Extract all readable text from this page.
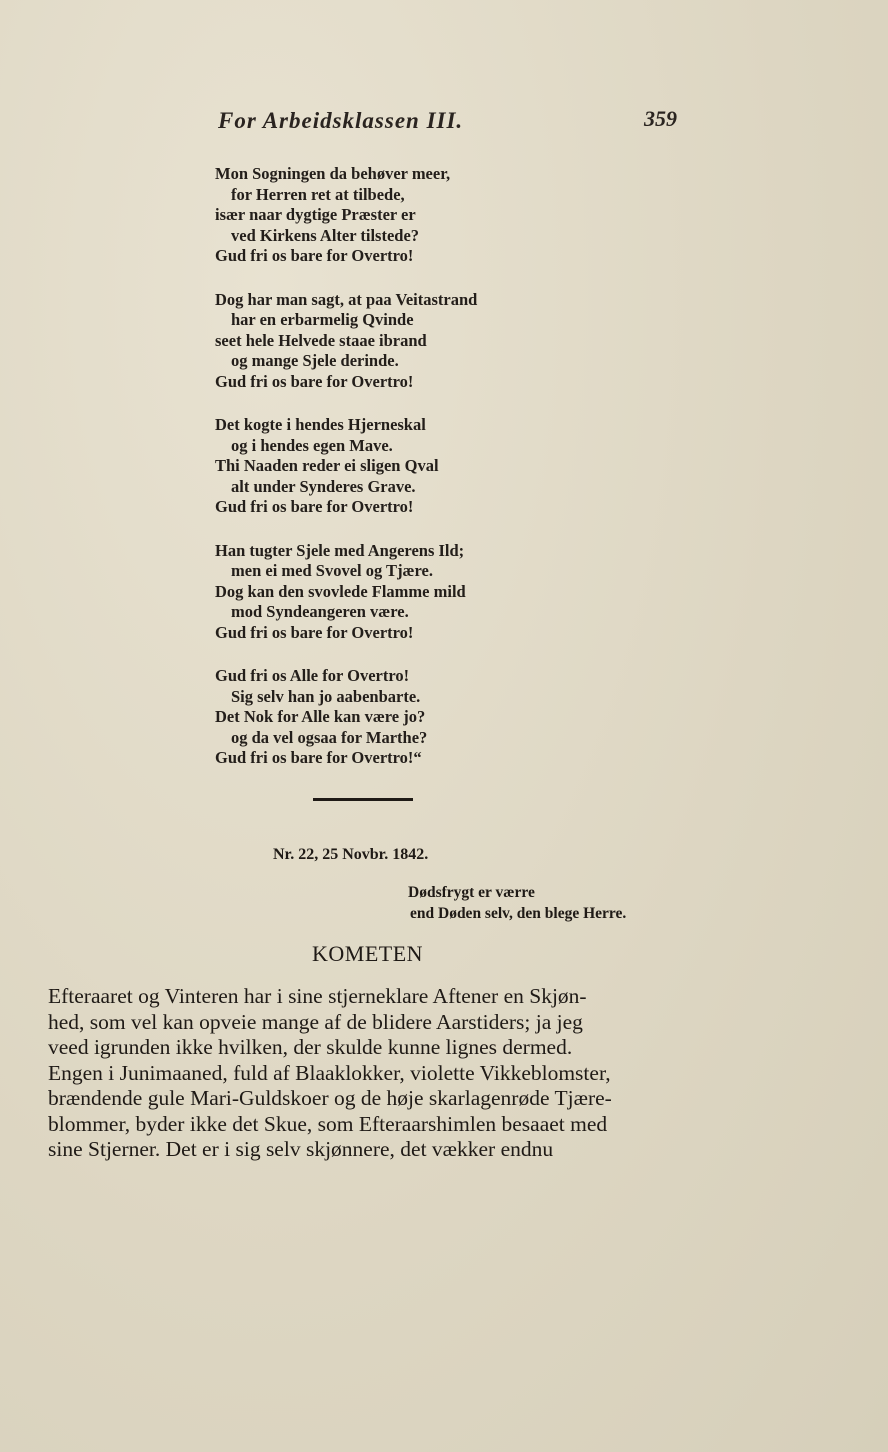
For Arbeidsklassen III.	359
Mon Sogningen da behøver meer,
for Herren ret at tilbede,
især naar dygtige Præster er
ved Kirkens Alter tilstede?
Gud fri os bare for Overtro!
Dog har man sagt, at paa Veitastrand
har en erbarmelig Qvinde
seet hele Helvede staae ibrand
og mange Sjele derinde.
Gud fri os bare for Overtro!
Det kogte i hendes Hjerneskal
og i hendes egen Mave.
Thi Naaden reder ei sligen Qval
alt under Synderes Grave.
Gud fri os bare for Overtro!
Han tugter Sjele med Angerens Ild;
men ei med Svovel og Tjære.
Dog kan den svovlede Flamme mild
mod Syndeangeren være.
Gud fri os bare for Overtro!
Gud fri os Alle for Overtro!
Sig selv han jo aabenbarte.
Det Nok for Alle kan være jo?
og da vel ogsaa for Marthe?
Gud fri os bare for Overtro!“
Nr. 22, 25 Novbr. 1842.
Dødsfrygt er værre
end Døden selv, den blege Herre.
KOMETEN
Efteraaret og Vinteren har i sine stjerneklare Aftener en Skjøn-
hed, som vel kan opveie mange af de blidere Aarstiders; ja jeg
veed igrunden ikke hvilken, der skulde kunne lignes dermed.
Engen i Junimaaned, fuld af Blaaklokker, violette Vikkeblomster,
brændende gule Mari-Guldskoer og de høje skarlagenrøde Tjære-
blommer, byder ikke det Skue, som Efteraarshimlen besaaet med
sine Stjerner. Det er i sig selv skjønnere, det vækker endnu
